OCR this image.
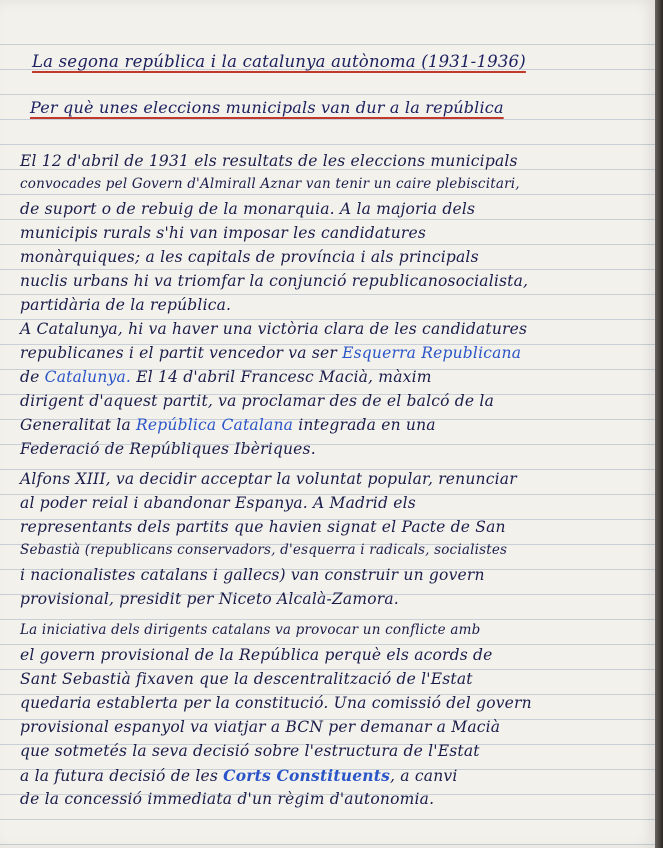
La segona república i la catalunya autònoma (1931-1936)
Per què unes eleccions municipals van dur a la república
El 12 d'abril de 1931 els resultats de les eleccions municipals
convocades pel Govern d'Almirall Aznar van tenir un caire plebiscitari,
de suport o de rebuig de la monarquia. A la majoria dels
municipis rurals s'hi van imposar les candidatures
monàrquiques; a les capitals de província i als principals
nuclis urbans hi va triomfar la conjunció republicanosocialista,
partidària de la república.
A Catalunya, hi va haver una victòria clara de les candidatures
republicanes i el partit vencedor va ser Esquerra Republicana
de Catalunya. El 14 d'abril Francesc Macià, màxim
dirigent d'aquest partit, va proclamar des de el balcó de la
Generalitat la República Catalana integrada en una
Federació de Repúbliques Ibèriques.
Alfons XIII, va decidir acceptar la voluntat popular, renunciar
al poder reial i abandonar Espanya. A Madrid els
representants dels partits que havien signat el Pacte de San
Sebastià (republicans conservadors, d'esquerra i radicals, socialistes
i nacionalistes catalans i gallecs) van construir un govern
provisional, presidit per Niceto Alcalà-Zamora.
La iniciativa dels dirigents catalans va provocar un conflicte amb
el govern provisional de la República perquè els acords de
Sant Sebastià fixaven que la descentralització de l'Estat
quedaria establerta per la constitució. Una comissió del govern
provisional espanyol va viatjar a BCN per demanar a Macià
que sotmetés la seva decisió sobre l'estructura de l'Estat
a la futura decisió de les Corts Constituents, a canvi
de la concessió immediata d'un règim d'autonomia.
